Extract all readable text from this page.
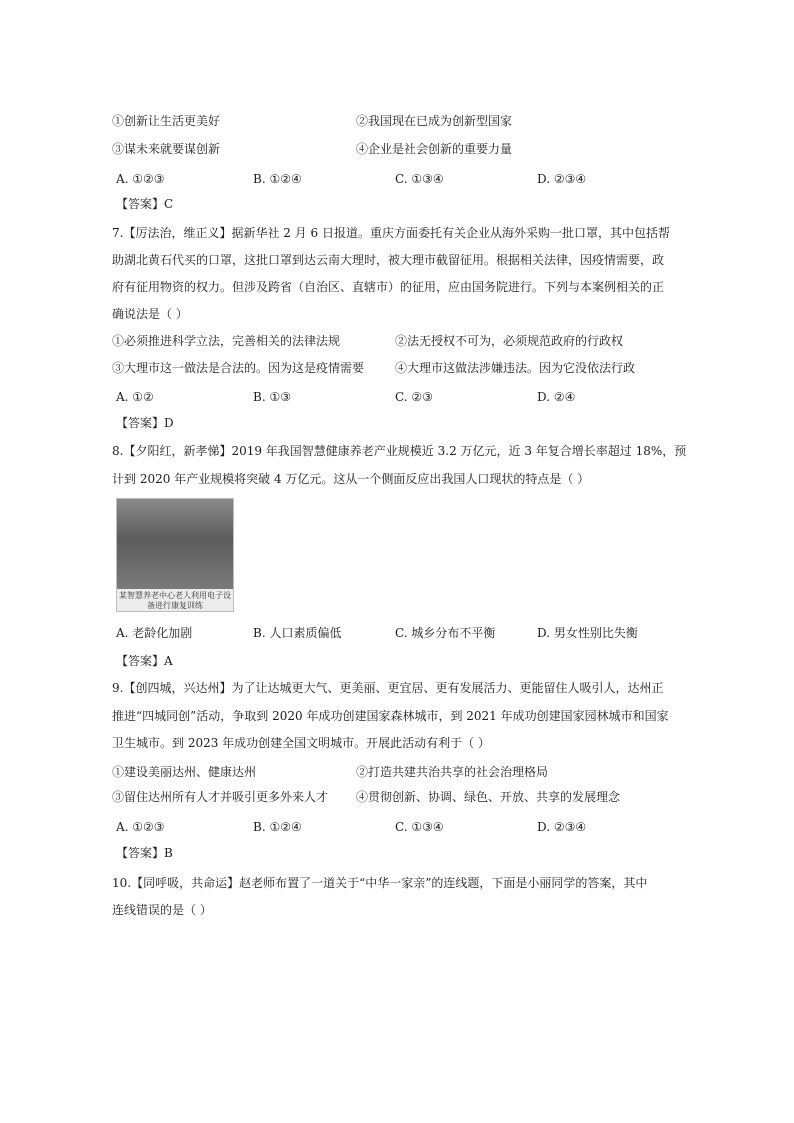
①创新让生活更美好	②我国现在已成为创新型国家
③谋未来就要谋创新	④企业是社会创新的重要力量
A. ①②③	B. ①②④	C. ①③④	D. ②③④
【答案】C
7.【厉法治，维正义】据新华社 2 月 6 日报道。重庆方面委托有关企业从海外采购一批口罩，其中包括帮
助湖北黄石代买的口罩，这批口罩到达云南大理时，被大理市截留征用。根据相关法律，因疫情需要，政
府有征用物资的权力。但涉及跨省（自治区、直辖市）的征用，应由国务院进行。下列与本案例相关的正
确说法是（ ）
①必须推进科学立法，完善相关的法律法规	②法无授权不可为，必须规范政府的行政权
③大理市这一做法是合法的。因为这是疫情需要	④大理市这做法涉嫌违法。因为它没依法行政
A. ①②	B. ①③	C. ②③	D. ②④
【答案】D
8.【夕阳红，新孝悌】2019 年我国智慧健康养老产业规模近 3.2 万亿元，近 3 年复合增长率超过 18%，预
计到 2020 年产业规模将突破 4 万亿元。这从一个侧面反应出我国人口现状的特点是（ ）
某智慧养老中心老人利用电子设备进行康复训练
A. 老龄化加剧	B. 人口素质偏低	C. 城乡分布不平衡	D. 男女性别比失衡
【答案】A
9.【创四城，兴达州】为了让达城更大气、更美丽、更宜居、更有发展活力、更能留住人吸引人，达州正
推进“四城同创”活动，争取到 2020 年成功创建国家森林城市，到 2021 年成功创建国家园林城市和国家
卫生城市。到 2023 年成功创建全国文明城市。开展此活动有利于（ ）
①建设美丽达州、健康达州	②打造共建共治共享的社会治理格局
③留住达州所有人才并吸引更多外来人才 ④贯彻创新、协调、绿色、开放、共享的发展理念
A. ①②③	B. ①②④	C. ①③④	D. ②③④
【答案】B
10.【同呼吸，共命运】赵老师布置了一道关于“中华一家亲”的连线题，下面是小丽同学的答案，其中
连线错误的是（ ）
